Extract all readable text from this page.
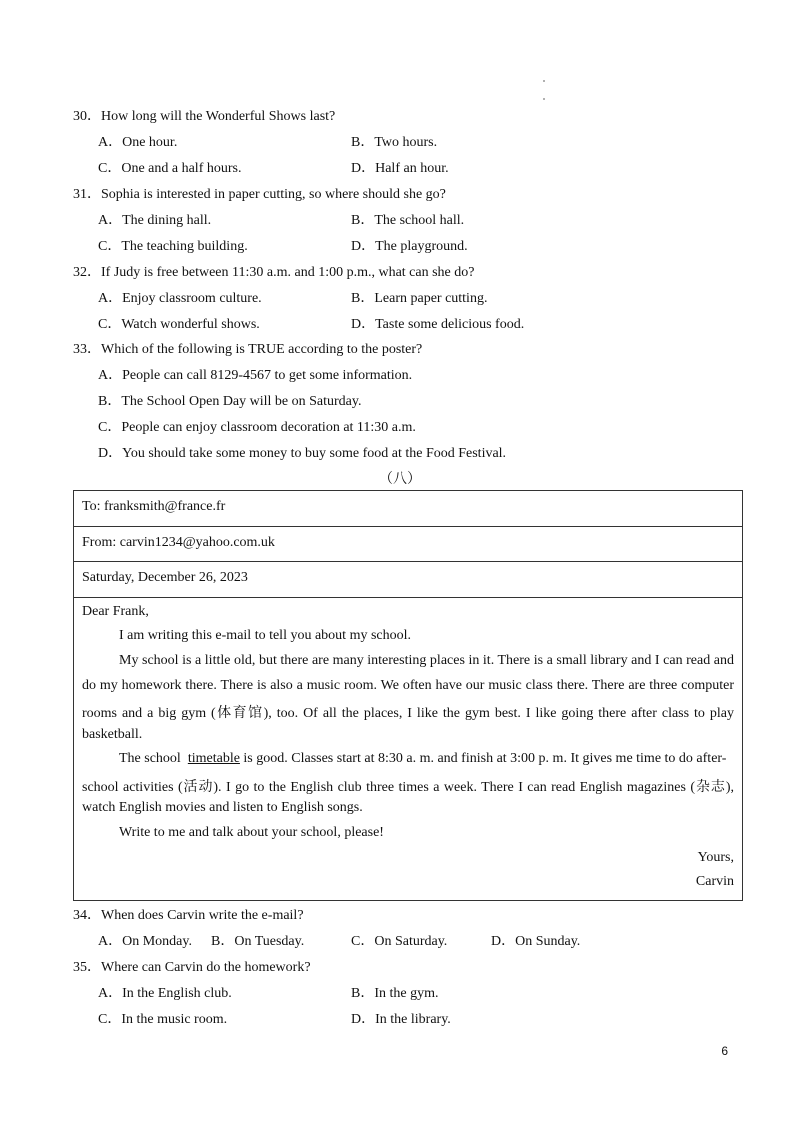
30．How long will the Wonderful Shows last?
A．One hour.	B．Two hours.
C．One and a half hours.	D．Half an hour.
31．Sophia is interested in paper cutting, so where should she go?
A．The dining hall.	B．The school hall.
C．The teaching building.	D．The playground.
32．If Judy is free between 11:30 a.m. and 1:00 p.m., what can she do?
A．Enjoy classroom culture.	B．Learn paper cutting.
C．Watch wonderful shows.	D．Taste some delicious food.
33．Which of the following is TRUE according to the poster?
A．People can call 8129-4567 to get some information.
B．The School Open Day will be on Saturday.
C．People can enjoy classroom decoration at 11:30 a.m.
D．You should take some money to buy some food at the Food Festival.
（八）
To: franksmith@france.fr
From: carvin1234@yahoo.com.uk
Saturday, December 26, 2023
Dear Frank,
I am writing this e-mail to tell you about my school.
My school is a little old, but there are many interesting places in it. There is a small library and I can read and
do my homework there. There is also a music room. We often have our music class there. There are three computer
rooms and a big gym (体育馆), too. Of all the places, I like the gym best. I like going there after class to play
basketball.
The school timetable is good. Classes start at 8:30 a. m. and finish at 3:00 p. m. It gives me time to do after-
school activities (活动). I go to the English club three times a week. There I can read English magazines (杂志),
watch English movies and listen to English songs.
Write to me and talk about your school, please!
Yours,
Carvin
34．When does Carvin write the e-mail?
A．On Monday. B．On Tuesday.	C．On Saturday.	D．On Sunday.
35．Where can Carvin do the homework?
A．In the English club.	B．In the gym.
C．In the music room.	D．In the library.
6
